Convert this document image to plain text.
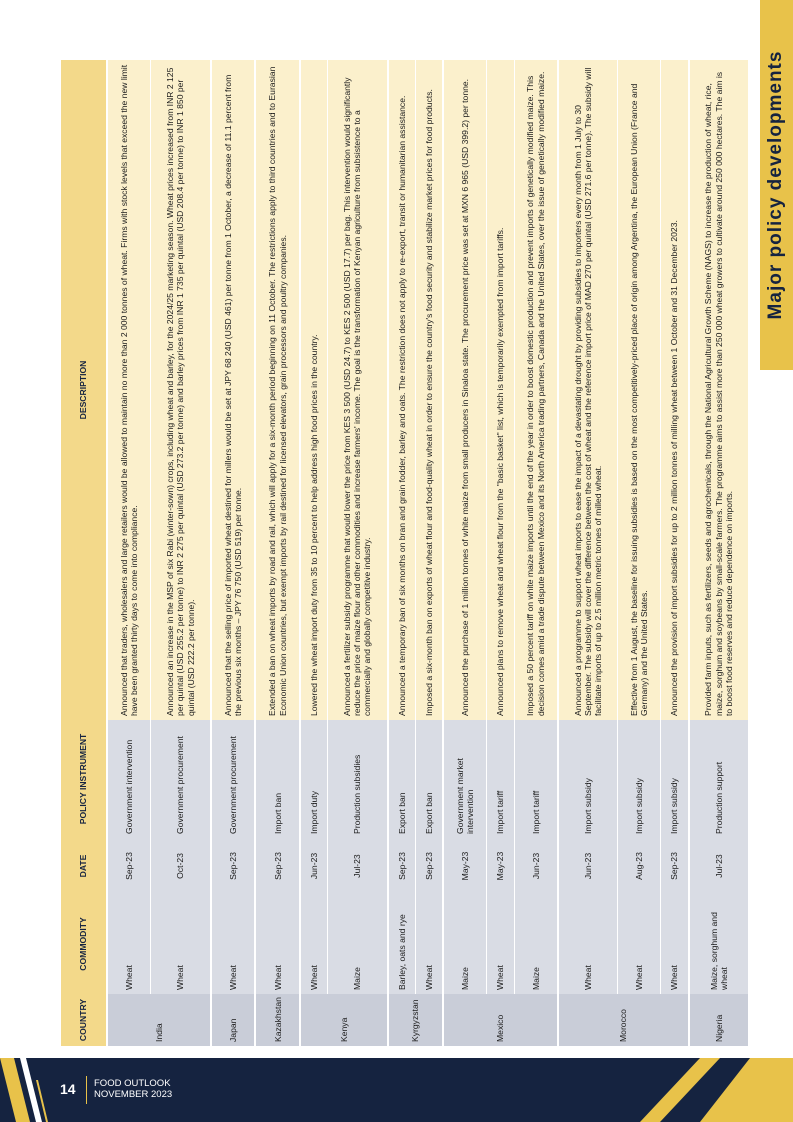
Major policy developments
COUNTRY	COMMODITY	DATE	POLICY INSTRUMENT	DESCRIPTION
India	Wheat	Sep-23	Government intervention	Announced that traders, wholesalers and large retailers would be allowed to maintain no more than 2 000 tonnes of wheat. Firms with stock levels that exceed the new limit have been granted thirty days to come into compliance.
	Wheat	Oct-23	Government procurement	Announced an increase in the MSP of six Rabi (winter-sown) crops, including wheat and barley, for the 2024/25 marketing season. Wheat prices increased from INR 2 125 per quintal (USD 255.2 per tonne) to INR 2 275 per quintal (USD 273.2 per tonne) and barley prices from INR 1 735 per quintal (USD 208.4 per tonne) to INR 1 850 per quintal (USD 222.2 per tonne).
Japan	Wheat	Sep-23	Government procurement	Announced that the selling price of imported wheat destined for millers would be set at JPY 68 240 (USD 461) per tonne from 1 October, a decrease of 11.1 percent from the previous six months – JPY 76 750 (USD 519) per tonne.
Kazakhstan	Wheat	Sep-23	Import ban	Extended a ban on wheat imports by road and rail, which will apply for a six-month period beginning on 11 October. The restrictions apply to third countries and to Eurasian Economic Union countries, but exempt imports by rail destined for licensed elevators, grain processors and poultry companies.
Kenya	Wheat	Jun-23	Import duty	Lowered the wheat import duty from 35 to 10 percent to help address high food prices in the country.
	Maize	Jul-23	Production subsidies	Announced a fertilizer subsidy programme that would lower the price from KES 3 500 (USD 24.7) to KES 2 500 (USD 17.7) per bag. This intervention would significantly reduce the price of maize flour and other commodities and increase farmers' income. The goal is the transformation of Kenyan agriculture from subsistence to a commercially and globally competitive industry.
Kyrgyzstan	Barley, oats and rye	Sep-23	Export ban	Announced a temporary ban of six months on bran and grain fodder, barley and oats. The restriction does not apply to re-export, transit or humanitarian assistance.
	Wheat	Sep-23	Export ban	Imposed a six-month ban on exports of wheat flour and food-quality wheat in order to ensure the country's food security and stabilize market prices for food products.
Mexico	Maize	May-23	Government market intervention	Announced the purchase of 1 million tonnes of white maize from small producers in Sinaloa state. The procurement price was set at MXN 6 965 (USD 399.2) per tonne.
	Wheat	May-23	Import tariff	Announced plans to remove wheat and wheat flour from the "basic basket" list, which is temporarily exempted from import tariffs.
	Maize	Jun-23	Import tariff	Imposed a 50 percent tariff on white maize imports until the end of the year in order to boost domestic production and prevent imports of genetically modified maize. This decision comes amid a trade dispute between Mexico and its North America trading partners, Canada and the United States, over the issue of genetically modified maize.
Morocco	Wheat	Jun-23	Import subsidy	Announced a programme to support wheat imports to ease the impact of a devastating drought by providing subsidies to importers every month from 1 July to 30 September. The subsidy will cover the difference between the cost of wheat and the reference import price of MAD 270 per quintal (USD 271.6 per tonne). The subsidy will facilitate imports of up to 2.5 million metric tonnes of milled wheat.
	Wheat	Aug-23	Import subsidy	Effective from 1 August, the baseline for issuing subsidies is based on the most competitively-priced place of origin among Argentina, the European Union (France and Germany) and the United States.
	Wheat	Sep-23	Import subsidy	Announced the provision of import subsidies for up to 2 million tonnes of milling wheat between 1 October and 31 December 2023.
Nigeria	Maize, sorghum and wheat	Jul-23	Production support	Provided farm inputs, such as fertilizers, seeds and agrochemicals, through the National Agricultural Growth Scheme (NAGS) to increase the production of wheat, rice, maize, sorghum and soybeans by small-scale farmers. The programme aims to assist more than 250 000 wheat growers to cultivate around 250 000 hectares. The aim is to boost food reserves and reduce dependence on imports.
14 FOOD OUTLOOK
NOVEMBER 2023
